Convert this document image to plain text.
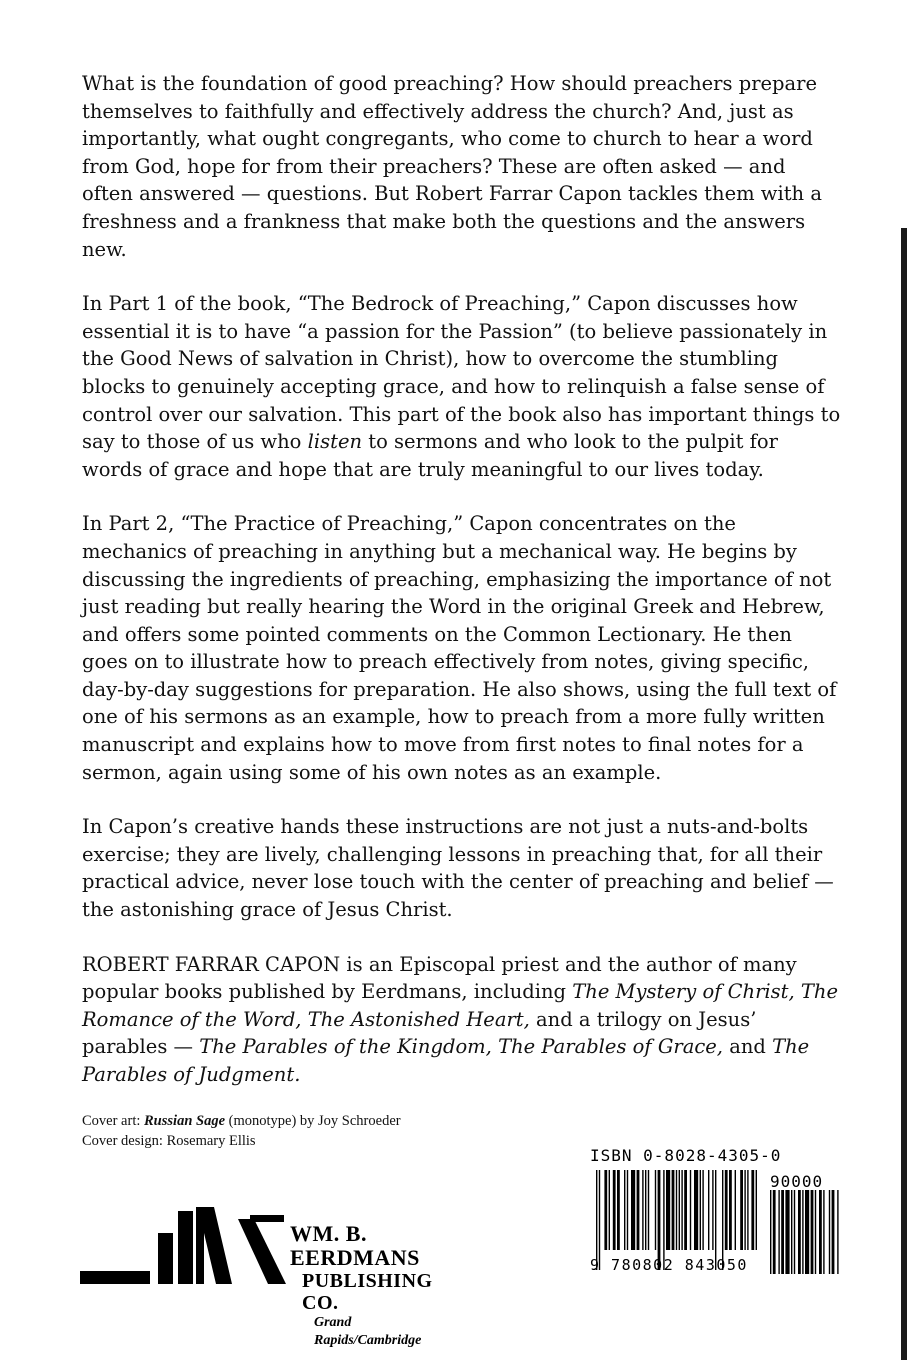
What is the foundation of good preaching? How should preachers prepare themselves to faithfully and effectively address the church? And, just as importantly, what ought congregants, who come to church to hear a word from God, hope for from their preachers? These are often asked — and often answered — questions. But Robert Farrar Capon tackles them with a freshness and a frankness that make both the questions and the answers new.

In Part 1 of the book, “The Bedrock of Preaching,” Capon discusses how essential it is to have “a passion for the Passion” (to believe passionately in the Good News of salvation in Christ), how to overcome the stumbling blocks to genuinely accepting grace, and how to relinquish a false sense of control over our salvation. This part of the book also has important things to say to those of us who listen to sermons and who look to the pulpit for words of grace and hope that are truly meaningful to our lives today.

In Part 2, “The Practice of Preaching,” Capon concentrates on the mechanics of preaching in anything but a mechanical way. He begins by discussing the ingredients of preaching, emphasizing the importance of not just reading but really hearing the Word in the original Greek and Hebrew, and offers some pointed comments on the Common Lectionary. He then goes on to illustrate how to preach effectively from notes, giving specific, day-by-day suggestions for preparation. He also shows, using the full text of one of his sermons as an example, how to preach from a more fully written manuscript and explains how to move from first notes to final notes for a sermon, again using some of his own notes as an example.

In Capon’s creative hands these instructions are not just a nuts-and-bolts exercise; they are lively, challenging lessons in preaching that, for all their practical advice, never lose touch with the center of preaching and belief — the astonishing grace of Jesus Christ.

ROBERT FARRAR CAPON is an Episcopal priest and the author of many popular books published by Eerdmans, including The Mystery of Christ, The Romance of the Word, The Astonished Heart, and a trilogy on Jesus’ parables — The Parables of the Kingdom, The Parables of Grace, and The Parables of Judgment.

Cover art: Russian Sage (monotype) by Joy Schroeder
Cover design: Rosemary Ellis
WM. B. EERDMANS
PUBLISHING CO.
Grand Rapids/Cambridge
ISBN 0-8028-4305-0
90000
9 780802 843050
